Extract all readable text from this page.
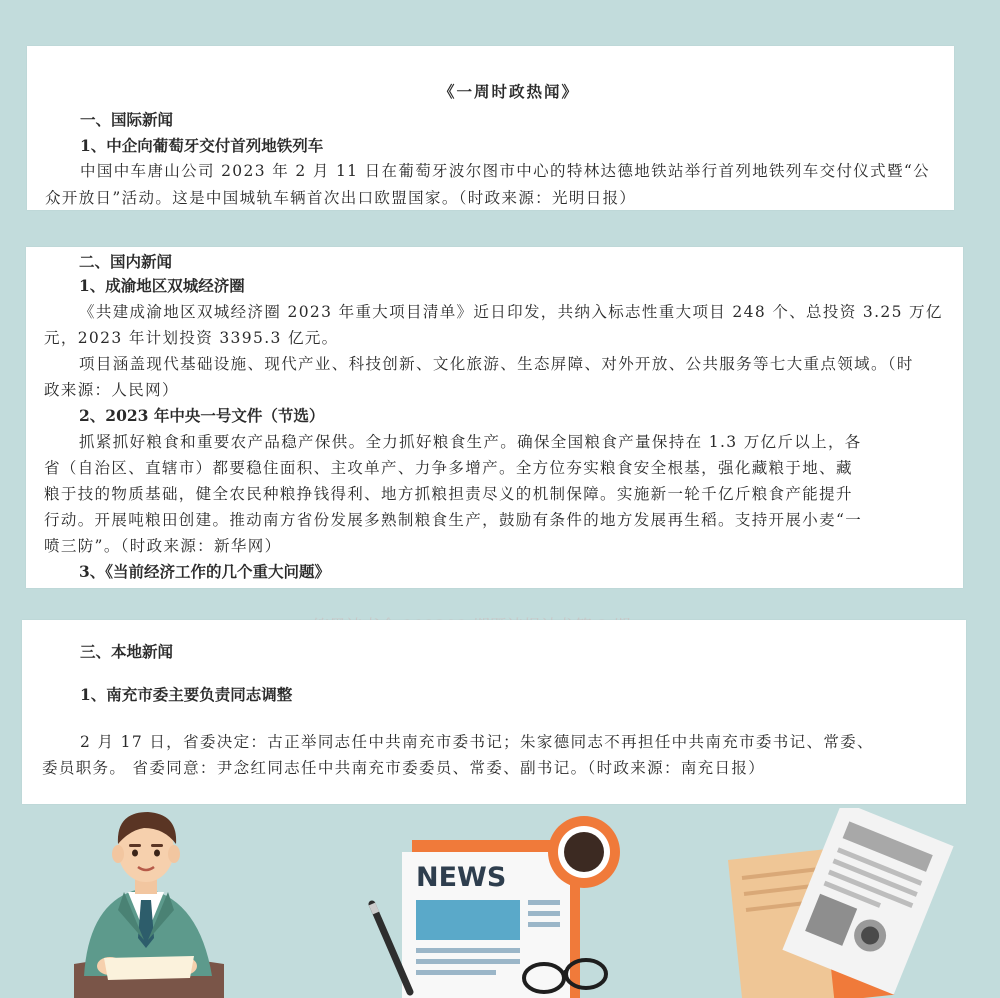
《一周时政热闻》
一、国际新闻
1、中企向葡萄牙交付首列地铁列车
中国中车唐山公司 2023 年 2 月 11 日在葡萄牙波尔图市中心的特林达德地铁站举行首列地铁列车交付仪式暨“公
众开放日”活动。这是中国城轨车辆首次出口欧盟国家。（时政来源：光明日报）
二、国内新闻
1、成渝地区双城经济圈
《共建成渝地区双城经济圈 2023 年重大项目清单》近日印发，共纳入标志性重大项目 248 个、总投资 3.25 万亿
元，2023 年计划投资 3395.3 亿元。
项目涵盖现代基础设施、现代产业、科技创新、文化旅游、生态屏障、对外开放、公共服务等七大重点领域。（时
政来源：人民网）
2、2023 年中央一号文件（节选）
抓紧抓好粮食和重要农产品稳产保供。全力抓好粮食生产。确保全国粮食产量保持在 1.3 万亿斤以上，各
省（自治区、直辖市）都要稳住面积、主攻单产、力争多增产。全方位夯实粮食安全根基，强化藏粮于地、藏
粮于技的物质基础，健全农民种粮挣钱得利、地方抓粮担责尽义的机制保障。实施新一轮千亿斤粮食产能提升
行动。开展吨粮田创建。推动南方省份发展多熟制粮食生产，鼓励有条件的地方发展再生稻。支持开展小麦“一
喷三防”。（时政来源：新华网）
3、《当前经济工作的几个重大问题》
三、本地新闻
1、南充市委主要负责同志调整
2 月 17 日，省委决定：古正举同志任中共南充市委书记；朱家德同志不再担任中共南充市委书记、常委、
委员职务。 省委同意：尹念红同志任中共南充市委委员、常委、副书记。（时政来源：南充日报）
NEWS
